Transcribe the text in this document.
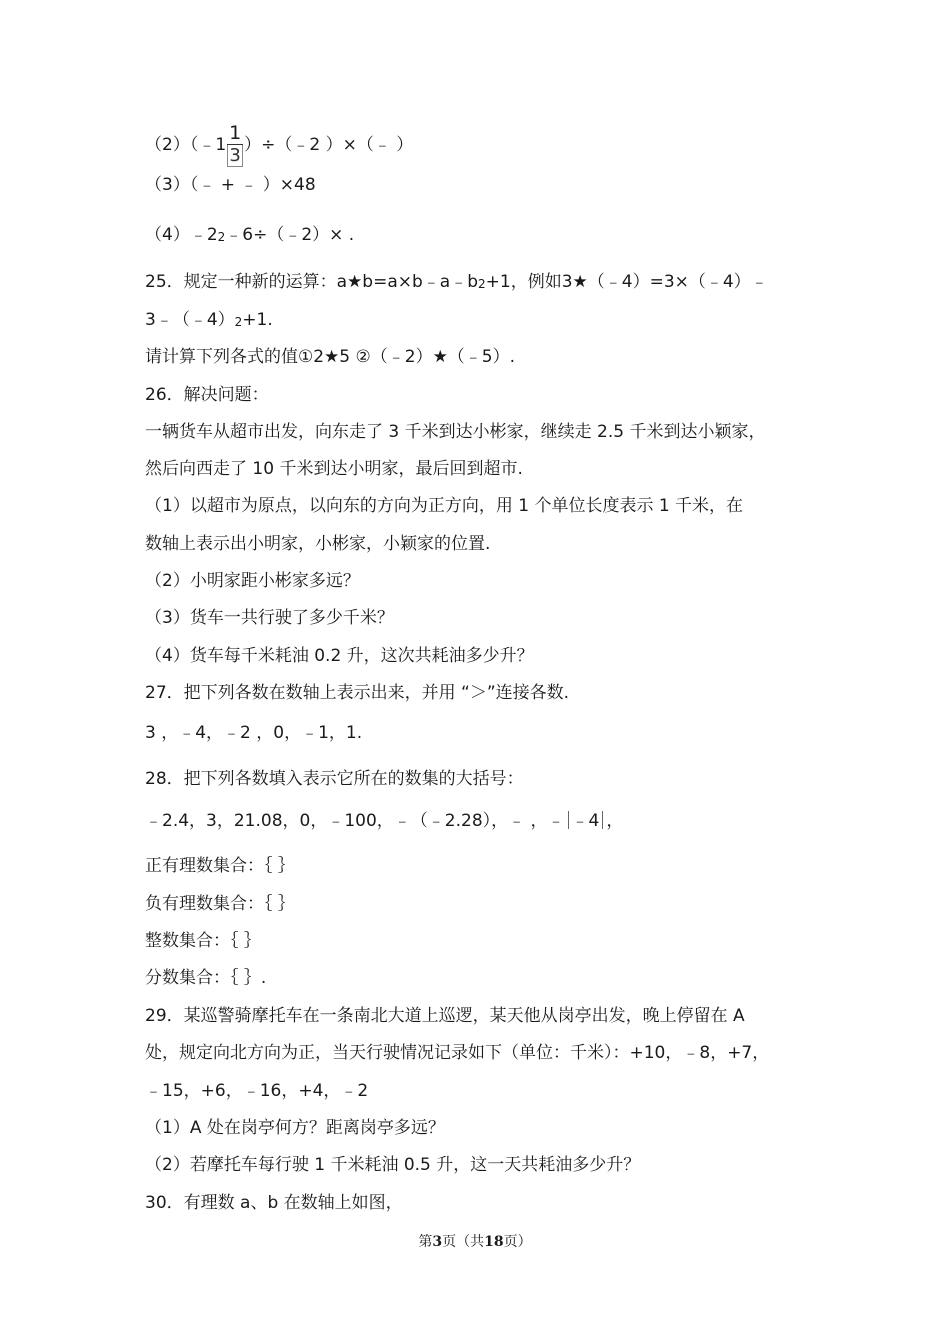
（2）（﹣1 $\frac{1}{3}$ ）÷（﹣2 ）×（﹣ ）
（3）（﹣ + ﹣ ）×48
（4）﹣22﹣6÷（﹣2）× .
25．规定一种新的运算：a★b=a×b﹣a﹣b2+1，例如3★（﹣4）=3×（﹣4）﹣
3﹣（﹣4）2+1.
请计算下列各式的值①2★5 ②（﹣2）★（﹣5）.
26．解决问题：
一辆货车从超市出发，向东走了 3 千米到达小彬家，继续走 2.5 千米到达小颖家，
然后向西走了 10 千米到达小明家，最后回到超市.
（1）以超市为原点，以向东的方向为正方向，用 1 个单位长度表示 1 千米，在
数轴上表示出小明家，小彬家，小颖家的位置.
（2）小明家距小彬家多远？
（3）货车一共行驶了多少千米？
（4）货车每千米耗油 0.2 升，这次共耗油多少升？
27．把下列各数在数轴上表示出来，并用 “＞”连接各数.
3 ，﹣4，﹣2 ，0，﹣1，1.
28．把下列各数填入表示它所在的数集的大括号：
﹣2.4，3，21.08，0，﹣100，﹣（﹣2.28），﹣ ，﹣ ﹣4 ，
正有理数集合：｛ ｝
负有理数集合：｛ ｝
整数集合：｛ ｝
分数集合：｛ ｝.
29．某巡警骑摩托车在一条南北大道上巡逻，某天他从岗亭出发，晚上停留在 A
处，规定向北方向为正，当天行驶情况记录如下（单位：千米）：+10，﹣8，+7，
﹣15，+6，﹣16，+4，﹣2
（1）A 处在岗亭何方？距离岗亭多远？
（2）若摩托车每行驶 1 千米耗油 0.5 升，这一天共耗油多少升？
30．有理数 a、b 在数轴上如图，
第3页（共18页）
